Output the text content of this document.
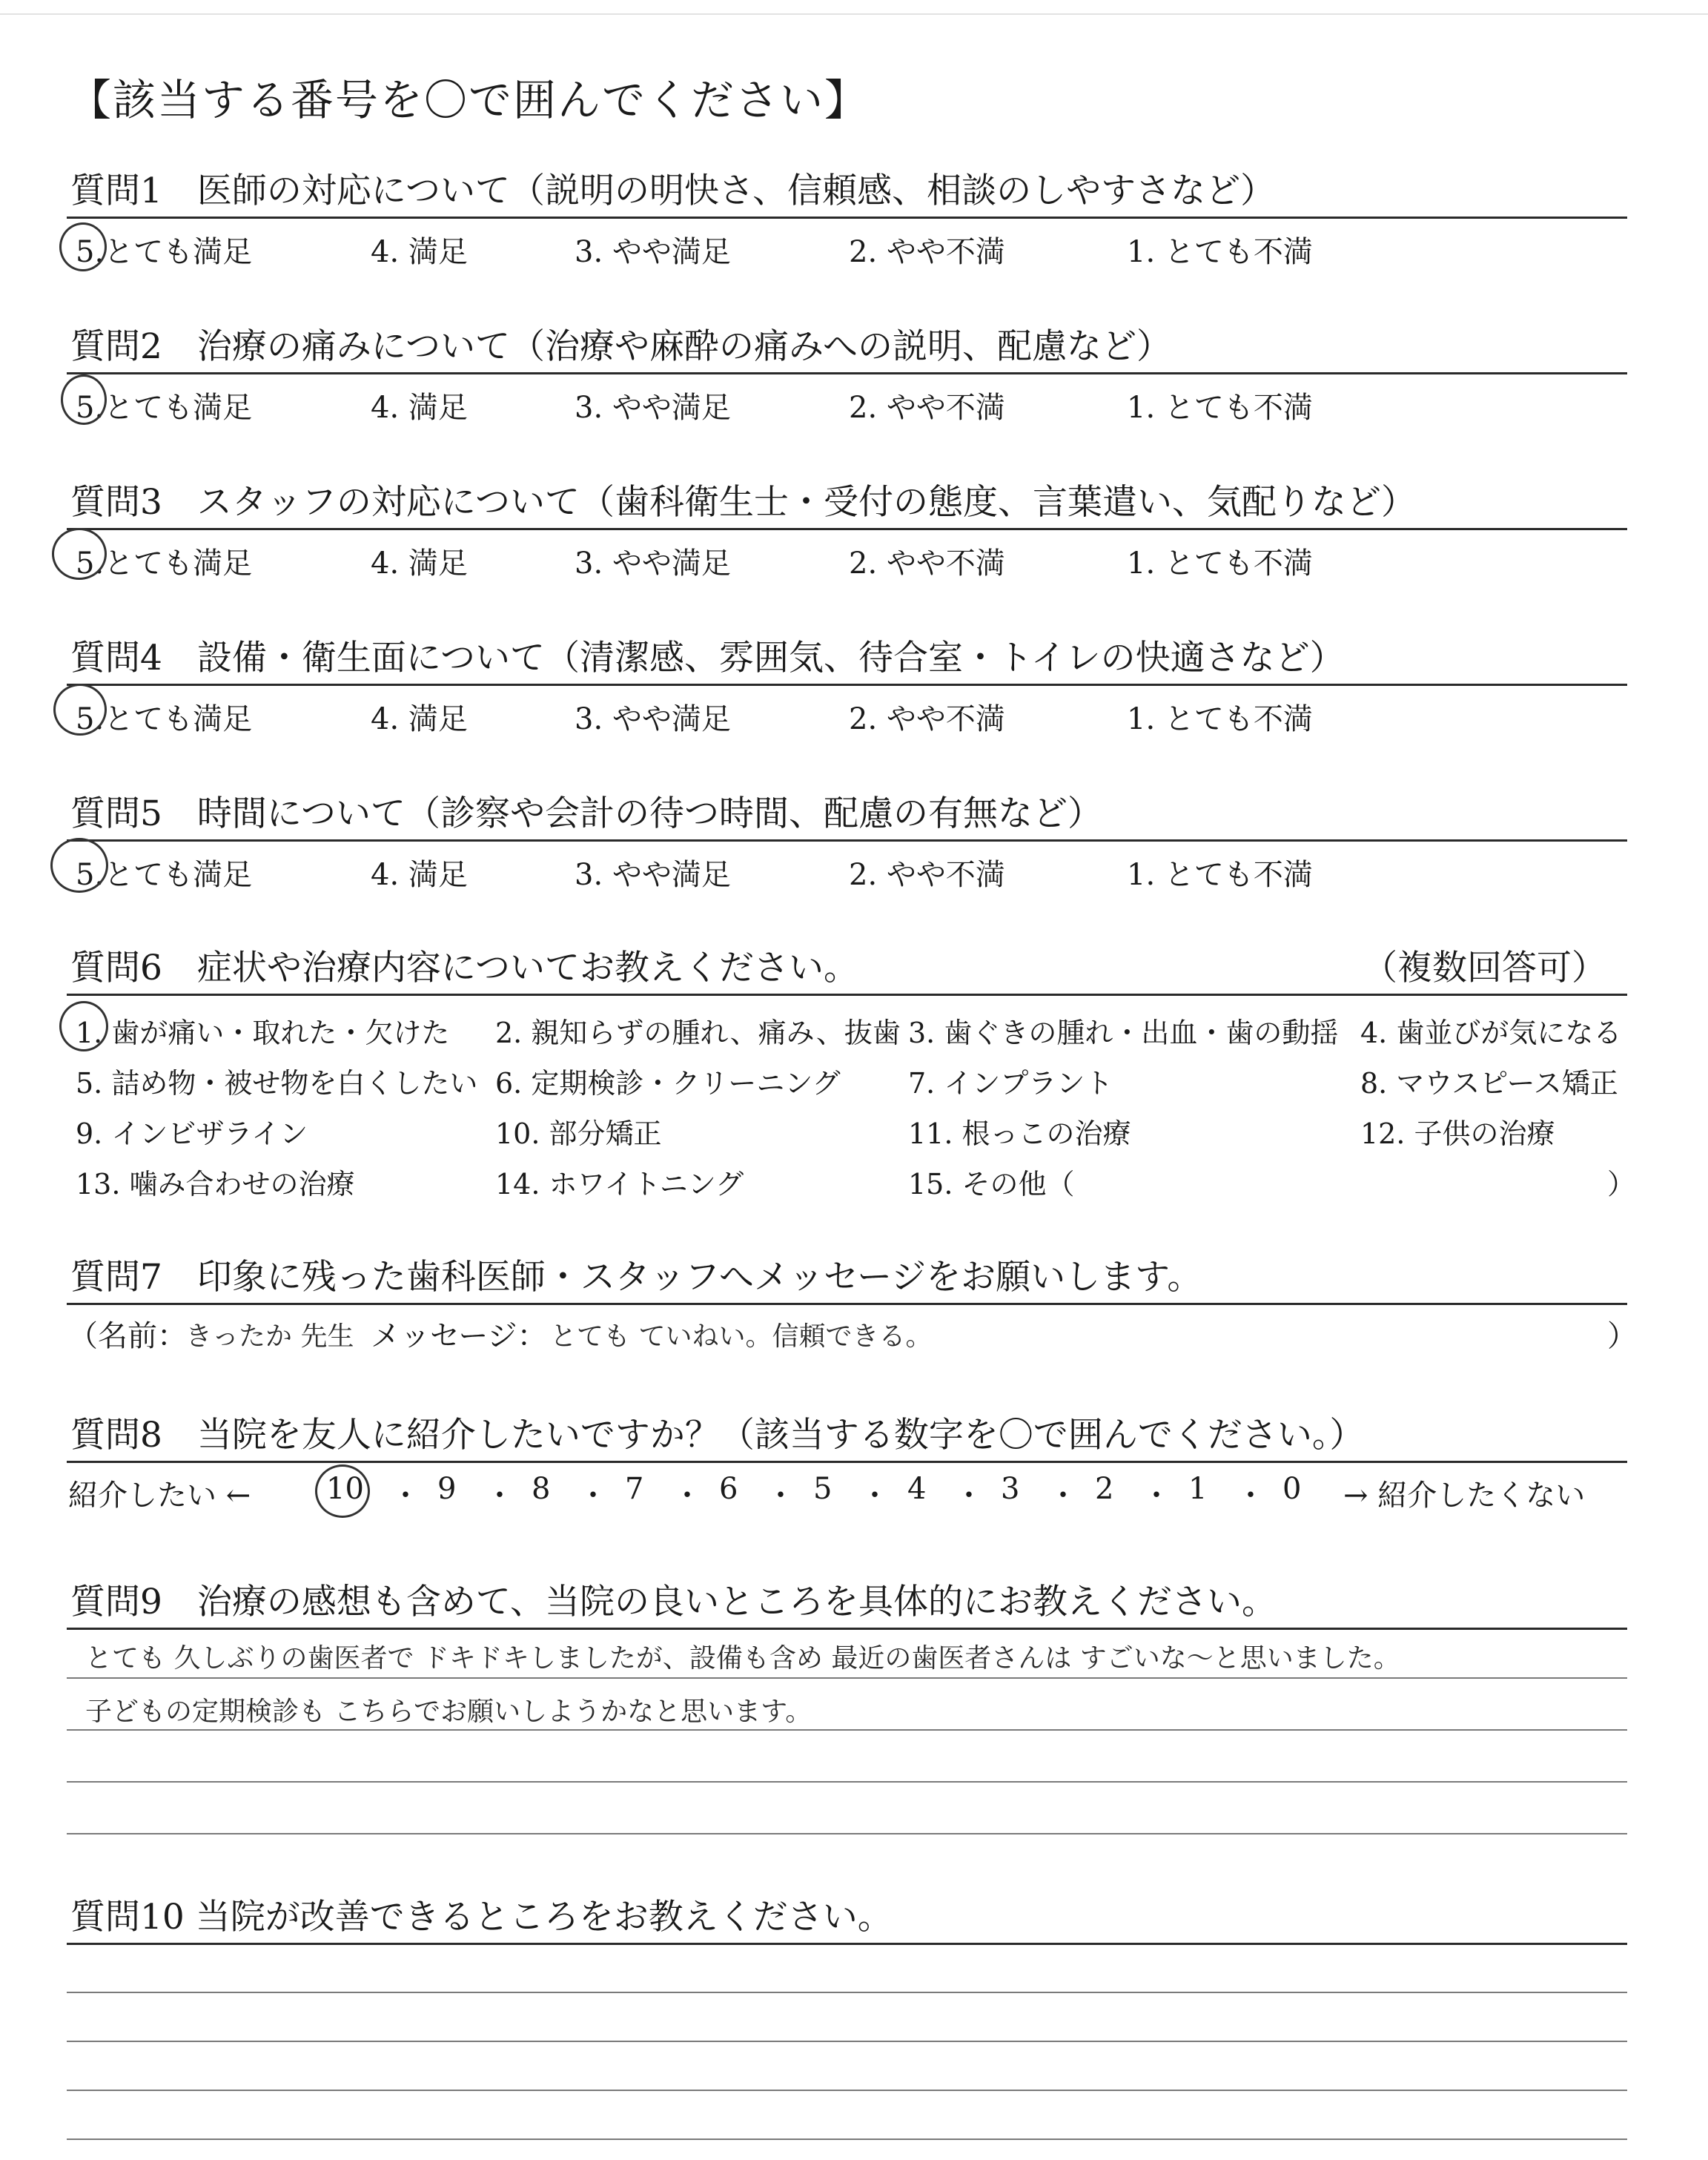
【該当する番号を〇で囲んでください】
質問1　医師の対応について（説明の明快さ、信頼感、相談のしやすさなど）
5.とても満足	4. 満足	3. やや満足	2. やや不満	1. とても不満
質問2　治療の痛みについて（治療や麻酔の痛みへの説明、配慮など）
5.とても満足	4. 満足	3. やや満足	2. やや不満	1. とても不満
質問3　スタッフの対応について（歯科衛生士・受付の態度、言葉遣い、気配りなど）
5.とても満足	4. 満足	3. やや満足	2. やや不満	1. とても不満
質問4　設備・衛生面について（清潔感、雰囲気、待合室・トイレの快適さなど）
5.とても満足	4. 満足	3. やや満足	2. やや不満	1. とても不満
質問5　時間について（診察や会計の待つ時間、配慮の有無など）
5.とても満足	4. 満足	3. やや満足	2. やや不満	1. とても不満
質問6　症状や治療内容についてお教えください。	（複数回答可）
1. 歯が痛い・取れた・欠けた 2. 親知らずの腫れ、痛み、抜歯 3. 歯ぐきの腫れ・出血・歯の動揺 4. 歯並びが気になる
5. 詰め物・被せ物を白くしたい 6. 定期検診・クリーニング 7. インプラント	8. マウスピース矯正
9. インビザライン	10. 部分矯正	11. 根っこの治療	12. 子供の治療
13. 噛み合わせの治療	14. ホワイトニング	15. その他（	）
質問7　印象に残った歯科医師・スタッフへメッセージをお願いします。
（名前：
きったか 先生 メッセージ： とても ていねい。信頼できる。	）
質問8　当院を友人に紹介したいですか？（該当する数字を〇で囲んでください。）
紹介したい ←	→ 紹介したくない
10 ・ 9 ・ 8 ・ 7 ・ 6 ・ 5 ・ 4 ・ 3 ・ 2 ・ 1 ・ 0
質問9　治療の感想も含めて、当院の良いところを具体的にお教えください。
とても 久しぶりの歯医者で ドキドキしましたが、設備も含め 最近の歯医者さんは すごいな〜と思いました。
子どもの定期検診も こちらでお願いしようかなと思います。
質問10 当院が改善できるところをお教えください。
